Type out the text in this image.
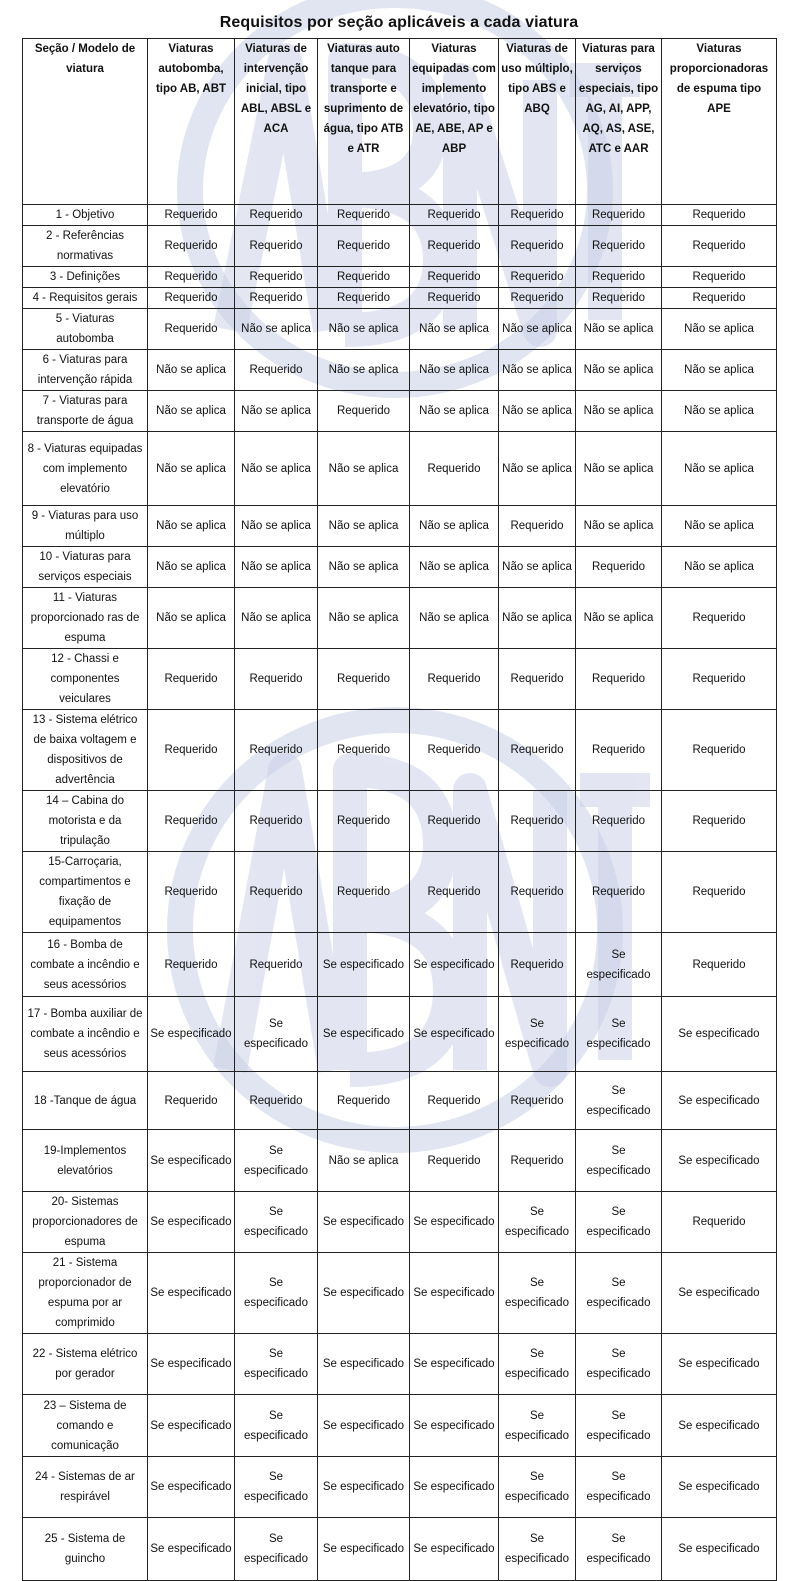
Requisitos por seção aplicáveis a cada viatura
Seção / Modelo de viatura	Viaturas autobomba, tipo AB, ABT	Viaturas de intervenção inicial, tipo ABL, ABSL e ACA	Viaturas auto tanque para transporte e suprimento de água, tipo ATB e ATR	Viaturas equipadas com implemento elevatório, tipo AE, ABE, AP e ABP	Viaturas de uso múltiplo, tipo ABS e ABQ	Viaturas para serviços especiais, tipo AG, AI, APP, AQ, AS, ASE, ATC e AAR	Viaturas proporcionadoras de espuma tipo APE
1 - Objetivo	Requerido	Requerido	Requerido	Requerido	Requerido	Requerido	Requerido
2 - Referências normativas	Requerido	Requerido	Requerido	Requerido	Requerido	Requerido	Requerido
3 - Definições	Requerido	Requerido	Requerido	Requerido	Requerido	Requerido	Requerido
4 - Requisitos gerais	Requerido	Requerido	Requerido	Requerido	Requerido	Requerido	Requerido
5 - Viaturas autobomba	Requerido	Não se aplica	Não se aplica	Não se aplica	Não se aplica	Não se aplica	Não se aplica
6 - Viaturas para intervenção rápida	Não se aplica	Requerido	Não se aplica	Não se aplica	Não se aplica	Não se aplica	Não se aplica
7 - Viaturas para transporte de água	Não se aplica	Não se aplica	Requerido	Não se aplica	Não se aplica	Não se aplica	Não se aplica
8 - Viaturas equipadas com implemento elevatório	Não se aplica	Não se aplica	Não se aplica	Requerido	Não se aplica	Não se aplica	Não se aplica
9 - Viaturas para uso múltiplo	Não se aplica	Não se aplica	Não se aplica	Não se aplica	Requerido	Não se aplica	Não se aplica
10 - Viaturas para serviços especiais	Não se aplica	Não se aplica	Não se aplica	Não se aplica	Não se aplica	Requerido	Não se aplica
11 - Viaturas proporcionado ras de espuma	Não se aplica	Não se aplica	Não se aplica	Não se aplica	Não se aplica	Não se aplica	Requerido
12 - Chassi e componentes veiculares	Requerido	Requerido	Requerido	Requerido	Requerido	Requerido	Requerido
13 - Sistema elétrico de baixa voltagem e dispositivos de advertência	Requerido	Requerido	Requerido	Requerido	Requerido	Requerido	Requerido
14 – Cabina do motorista e da tripulação	Requerido	Requerido	Requerido	Requerido	Requerido	Requerido	Requerido
15-Carroçaria, compartimentos e fixação de equipamentos	Requerido	Requerido	Requerido	Requerido	Requerido	Requerido	Requerido
16 - Bomba de combate a incêndio e seus acessórios	Requerido	Requerido	Se especificado	Se especificado	Requerido	Se especificado	Requerido
17 - Bomba auxiliar de combate a incêndio e seus acessórios	Se especificado	Se especificado	Se especificado	Se especificado	Se especificado	Se especificado	Se especificado
18 -Tanque de água	Requerido	Requerido	Requerido	Requerido	Requerido	Se especificado	Se especificado
19-Implementos elevatórios	Se especificado	Se especificado	Não se aplica	Requerido	Requerido	Se especificado	Se especificado
20- Sistemas proporcionadores de espuma	Se especificado	Se especificado	Se especificado	Se especificado	Se especificado	Se especificado	Requerido
21 - Sistema proporcionador de espuma por ar comprimido	Se especificado	Se especificado	Se especificado	Se especificado	Se especificado	Se especificado	Se especificado
22 - Sistema elétrico por gerador	Se especificado	Se especificado	Se especificado	Se especificado	Se especificado	Se especificado	Se especificado
23 – Sistema de comando e comunicação	Se especificado	Se especificado	Se especificado	Se especificado	Se especificado	Se especificado	Se especificado
24 - Sistemas de ar respirável	Se especificado	Se especificado	Se especificado	Se especificado	Se especificado	Se especificado	Se especificado
25 - Sistema de guincho	Se especificado	Se especificado	Se especificado	Se especificado	Se especificado	Se especificado	Se especificado
